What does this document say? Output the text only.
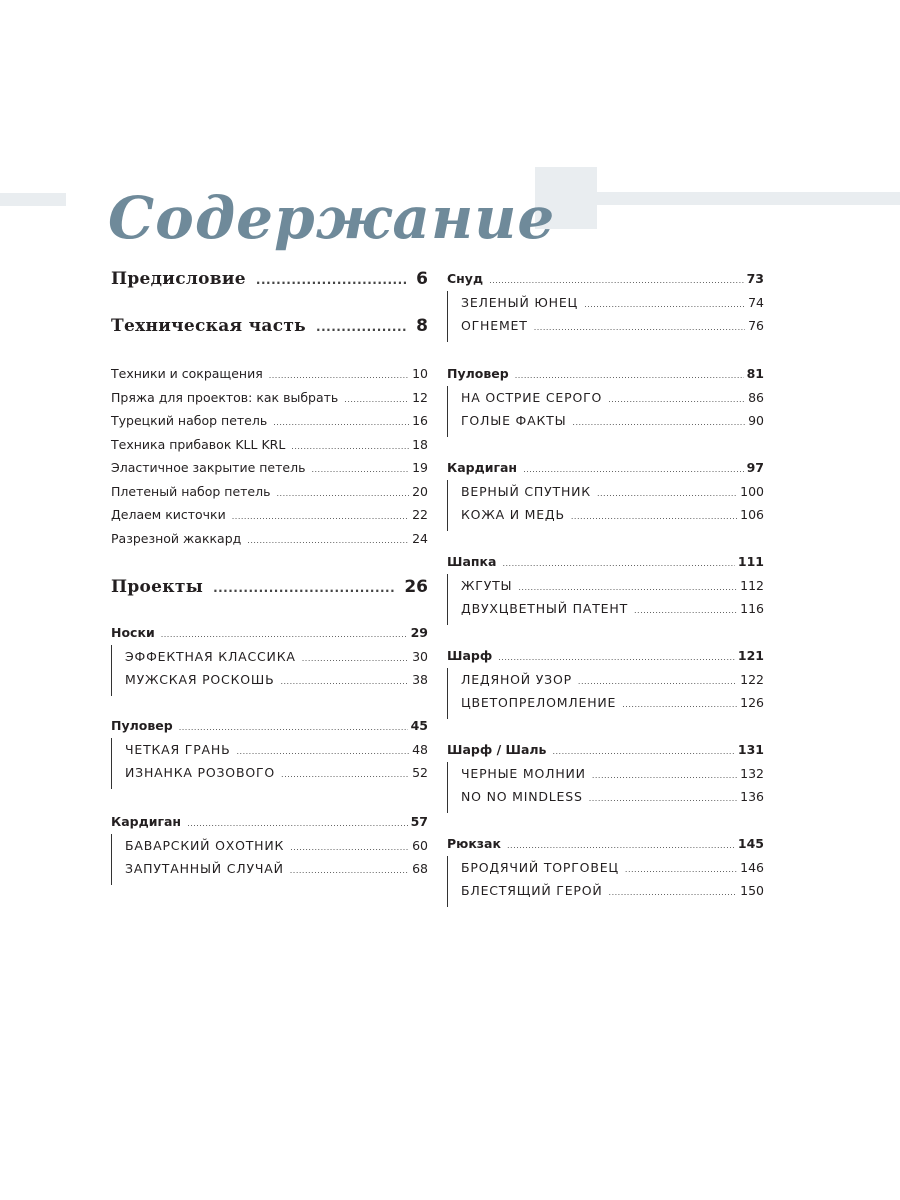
Содержание
Предисловие .....	6
Техническая часть .....	8
Техники и сокращения .....	10
Пряжа для проектов: как выбрать .....	12
Турецкий набор петель .....	16
Техника прибавок KLL KRL .....	18
Эластичное закрытие петель .....	19
Плетеный набор петель .....	20
Делаем кисточки .....	22
Разрезной жаккард .....	24
Проекты .....	26
Носки .....	29
ЭФФЕКТНАЯ КЛАССИКА .....	30
МУЖСКАЯ РОСКОШЬ .....	38
Пуловер .....	45
ЧЕТКАЯ ГРАНЬ .....	48
ИЗНАНКА РОЗОВОГО .....	52
Кардиган .....	57
БАВАРСКИЙ ОХОТНИК .....	60
ЗАПУТАННЫЙ СЛУЧАЙ .....	68
Снуд .....	73
ЗЕЛЕНЫЙ ЮНЕЦ .....	74
ОГНЕМЕТ .....	76
Пуловер .....	81
НА ОСТРИЕ СЕРОГО .....	86
ГОЛЫЕ ФАКТЫ .....	90
Кардиган .....	97
ВЕРНЫЙ СПУТНИК .....	100
КОЖА И МЕДЬ .....	106
Шапка .....	111
ЖГУТЫ .....	112
ДВУХЦВЕТНЫЙ ПАТЕНТ .....	116
Шарф .....	121
ЛЕДЯНОЙ УЗОР .....	122
ЦВЕТОПРЕЛОМЛЕНИЕ .....	126
Шарф / Шаль .....	131
ЧЕРНЫЕ МОЛНИИ .....	132
NO NO MINDLESS .....	136
Рюкзак .....	145
БРОДЯЧИЙ ТОРГОВЕЦ .....	146
БЛЕСТЯЩИЙ ГЕРОЙ .....	150
